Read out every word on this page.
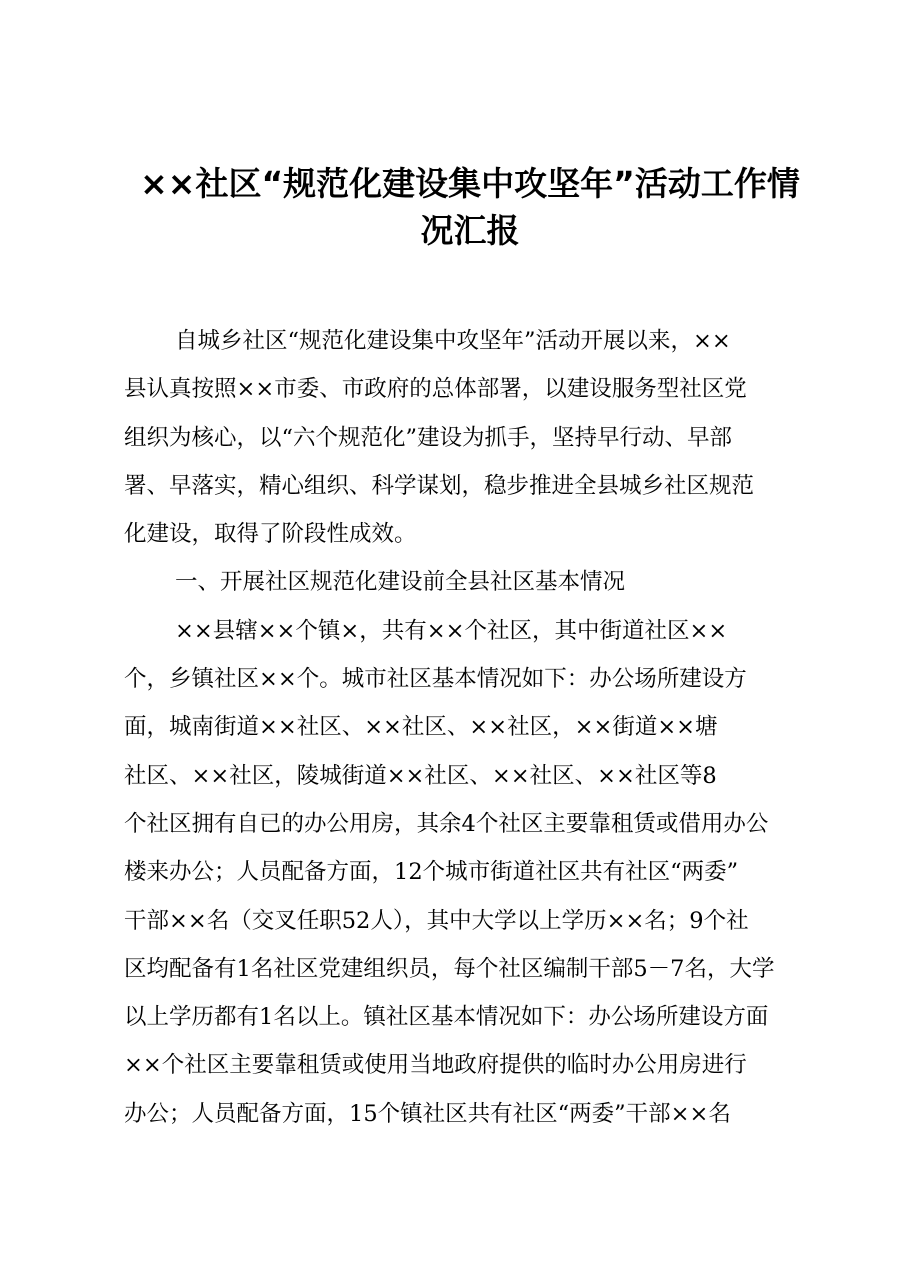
××社区“规范化建设集中攻坚年”活动工作情
况汇报
自城乡社区“规范化建设集中攻坚年”活动开展以来，××
县认真按照××市委、市政府的总体部署，以建设服务型社区党
组织为核心，以“六个规范化”建设为抓手，坚持早行动、早部
署、早落实，精心组织、科学谋划，稳步推进全县城乡社区规范
化建设，取得了阶段性成效。
一、开展社区规范化建设前全县社区基本情况
××县辖××个镇×，共有××个社区，其中街道社区××
个，乡镇社区××个。城市社区基本情况如下：办公场所建设方
面，城南街道××社区、××社区、××社区，××街道××塘
社区、××社区，陵城街道××社区、××社区、××社区等8
个社区拥有自已的办公用房，其余4个社区主要靠租赁或借用办公
楼来办公；人员配备方面，12个城市街道社区共有社区“两委”
干部××名（交叉任职52人），其中大学以上学历××名；9个社
区均配备有1名社区党建组织员，每个社区编制干部5－7名，大学
以上学历都有1名以上。镇社区基本情况如下：办公场所建设方面
××个社区主要靠租赁或使用当地政府提供的临时办公用房进行
办公；人员配备方面，15个镇社区共有社区“两委”干部××名
